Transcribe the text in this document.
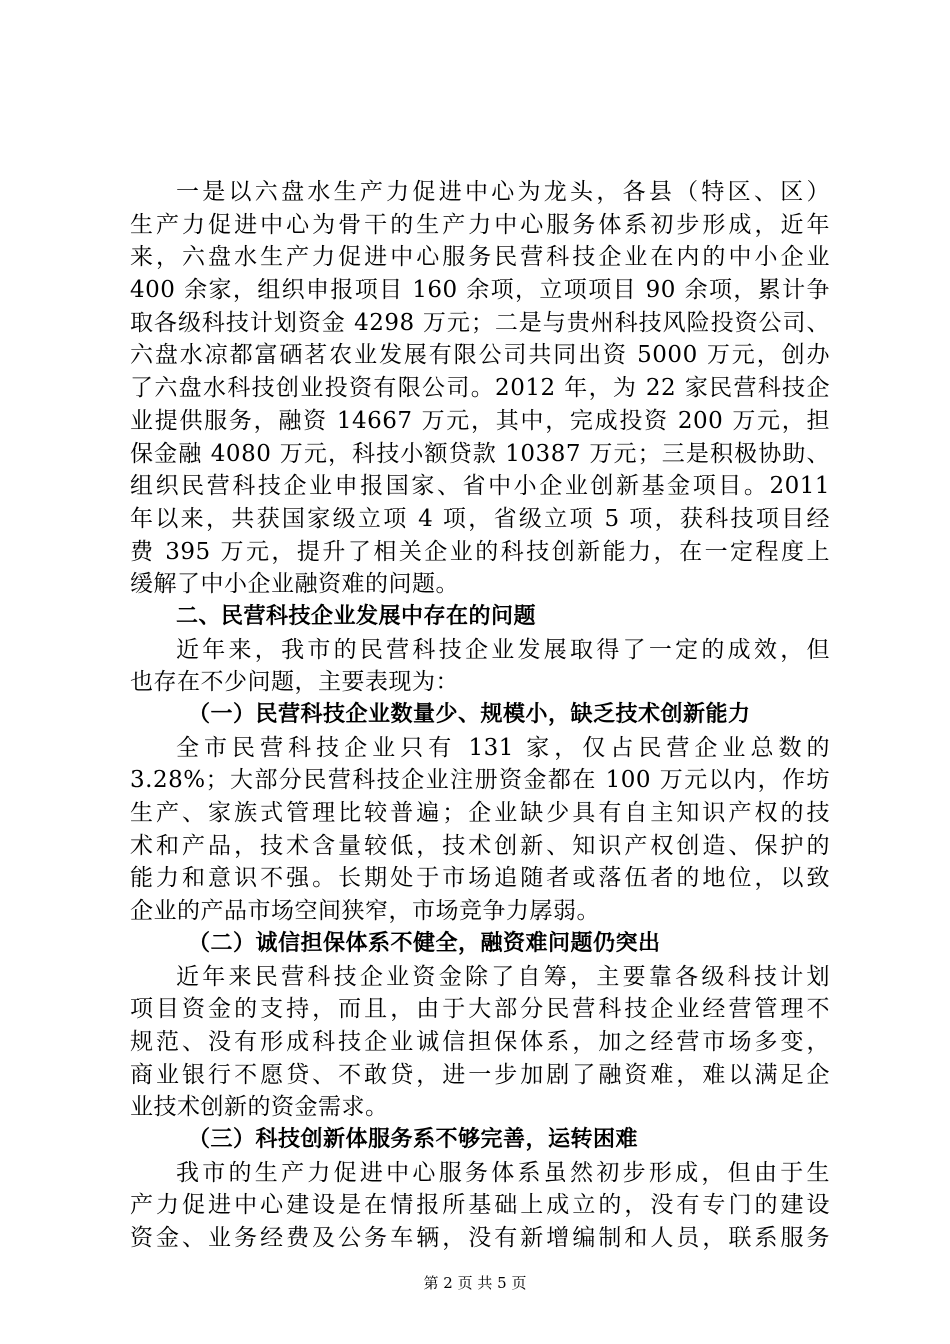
一是以六盘水生产力促进中心为龙头，各县（特区、区）
生产力促进中心为骨干的生产力中心服务体系初步形成，近年
来，六盘水生产力促进中心服务民营科技企业在内的中小企业
400 余家，组织申报项目 160 余项，立项项目 90 余项，累计争
取各级科技计划资金 4298 万元；二是与贵州科技风险投资公司、
六盘水凉都富硒茗农业发展有限公司共同出资 5000 万元，创办
了六盘水科技创业投资有限公司。2012 年，为 22 家民营科技企
业提供服务，融资 14667 万元，其中，完成投资 200 万元，担
保金融 4080 万元，科技小额贷款 10387 万元；三是积极协助、
组织民营科技企业申报国家、省中小企业创新基金项目。2011
年以来，共获国家级立项 4 项，省级立项 5 项，获科技项目经
费 395 万元，提升了相关企业的科技创新能力，在一定程度上
缓解了中小企业融资难的问题。
二、民营科技企业发展中存在的问题
近年来，我市的民营科技企业发展取得了一定的成效，但
也存在不少问题，主要表现为：
（一）民营科技企业数量少、规模小，缺乏技术创新能力
全市民营科技企业只有 131 家，仅占民营企业总数的
3.28%；大部分民营科技企业注册资金都在 100 万元以内，作坊
生产、家族式管理比较普遍；企业缺少具有自主知识产权的技
术和产品，技术含量较低，技术创新、知识产权创造、保护的
能力和意识不强。长期处于市场追随者或落伍者的地位，以致
企业的产品市场空间狭窄，市场竞争力孱弱。
（二）诚信担保体系不健全，融资难问题仍突出
近年来民营科技企业资金除了自筹，主要靠各级科技计划
项目资金的支持，而且，由于大部分民营科技企业经营管理不
规范、没有形成科技企业诚信担保体系，加之经营市场多变，
商业银行不愿贷、不敢贷，进一步加剧了融资难，难以满足企
业技术创新的资金需求。
（三）科技创新体服务系不够完善，运转困难
我市的生产力促进中心服务体系虽然初步形成，但由于生
产力促进中心建设是在情报所基础上成立的，没有专门的建设
资金、业务经费及公务车辆，没有新增编制和人员，联系服务
第 2 页 共 5 页
